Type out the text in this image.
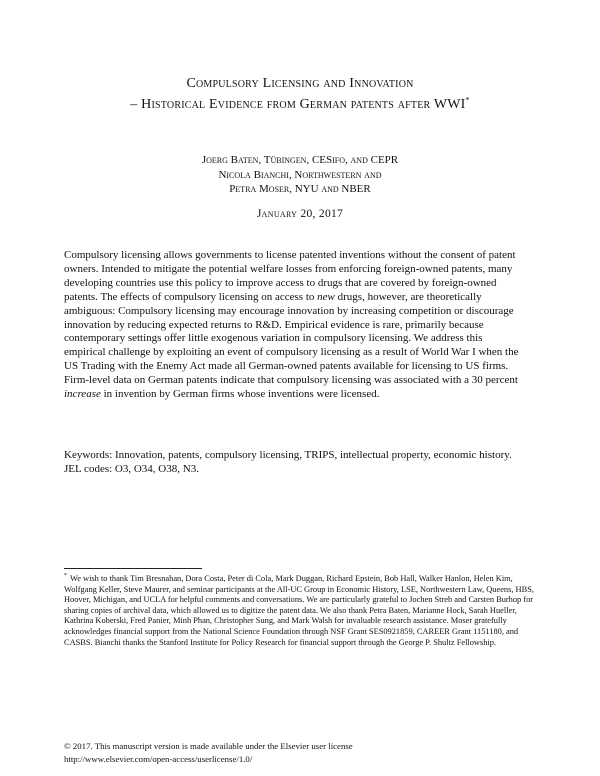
Compulsory Licensing and Innovation
– Historical Evidence from German patents after WWI*
Joerg Baten, Tübingen, CESifo, and CEPR
Nicola Bianchi, Northwestern and
Petra Moser, NYU and NBER
January 20, 2017
Compulsory licensing allows governments to license patented inventions without the consent of patent owners. Intended to mitigate the potential welfare losses from enforcing foreign-owned patents, many developing countries use this policy to improve access to drugs that are covered by foreign-owned patents. The effects of compulsory licensing on access to new drugs, however, are theoretically ambiguous: Compulsory licensing may encourage innovation by increasing competition or discourage innovation by reducing expected returns to R&D. Empirical evidence is rare, primarily because contemporary settings offer little exogenous variation in compulsory licensing. We address this empirical challenge by exploiting an event of compulsory licensing as a result of World War I when the US Trading with the Enemy Act made all German-owned patents available for licensing to US firms. Firm-level data on German patents indicate that compulsory licensing was associated with a 30 percent increase in invention by German firms whose inventions were licensed.
Keywords: Innovation, patents, compulsory licensing, TRIPS, intellectual property, economic history.
JEL codes: O3, O34, O38, N3.
* We wish to thank Tim Bresnahan, Dora Costa, Peter di Cola, Mark Duggan, Richard Epstein, Bob Hall, Walker Hanlon, Helen Kim, Wolfgang Keller, Steve Maurer, and seminar participants at the All-UC Group in Economic History, LSE, Northwestern Law, Queens, HBS, Hoover, Michigan, and UCLA for helpful comments and conversations. We are particularly grateful to Jochen Streb and Carsten Burhop for sharing copies of archival data, which allowed us to digitize the patent data. We also thank Petra Baten, Marianne Hock, Sarah Hueller, Kathrina Koberski, Fred Panier, Minh Phan, Christopher Sung, and Mark Walsh for invaluable research assistance. Moser gratefully acknowledges financial support from the National Science Foundation through NSF Grant SES0921859, CAREER Grant 1151180, and CASBS. Bianchi thanks the Stanford Institute for Policy Research for financial support through the George P. Shultz Fellowship.
© 2017. This manuscript version is made available under the Elsevier user license
http://www.elsevier.com/open-access/userlicense/1.0/
